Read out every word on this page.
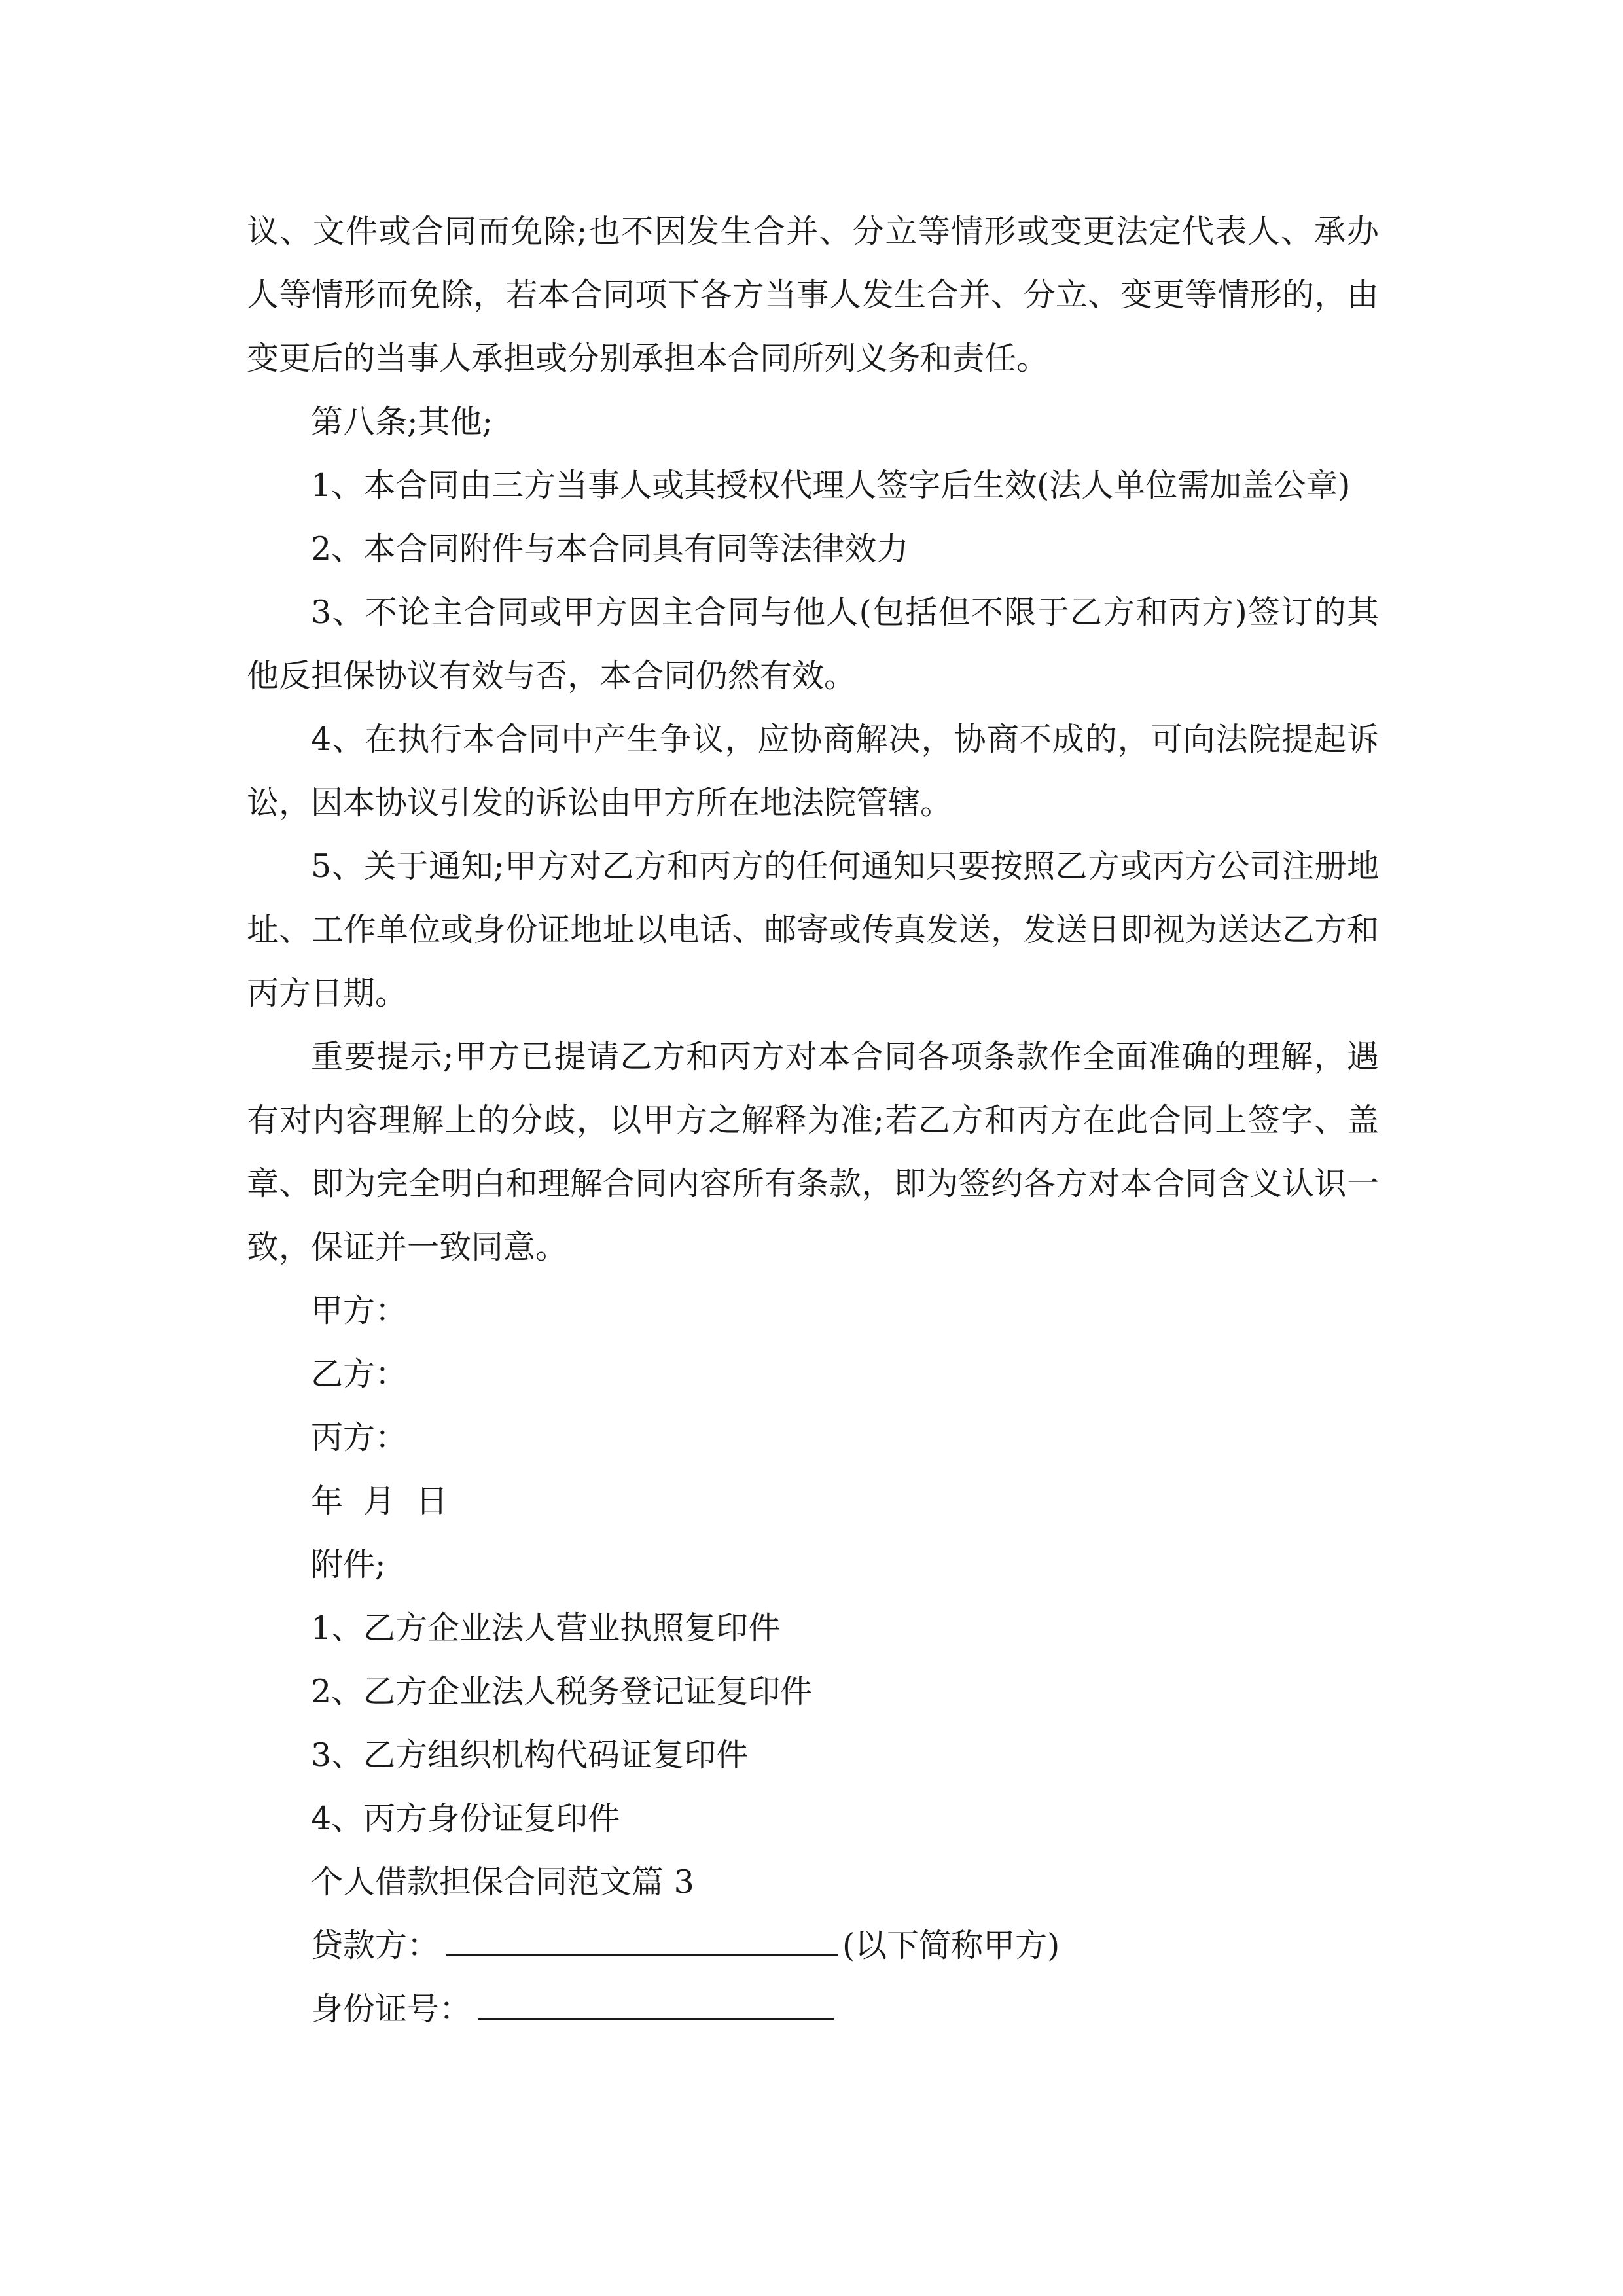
议、文件或合同而免除;也不因发生合并、分立等情形或变更法定代表人、承办人等情形而免除，若本合同项下各方当事人发生合并、分立、变更等情形的，由变更后的当事人承担或分别承担本合同所列义务和责任。

第八条;其他;

1、本合同由三方当事人或其授权代理人签字后生效(法人单位需加盖公章)

2、本合同附件与本合同具有同等法律效力

3、不论主合同或甲方因主合同与他人(包括但不限于乙方和丙方)签订的其他反担保协议有效与否，本合同仍然有效。

4、在执行本合同中产生争议，应协商解决，协商不成的，可向法院提起诉讼，因本协议引发的诉讼由甲方所在地法院管辖。

5、关于通知;甲方对乙方和丙方的任何通知只要按照乙方或丙方公司注册地址、工作单位或身份证地址以电话、邮寄或传真发送，发送日即视为送达乙方和丙方日期。

重要提示;甲方已提请乙方和丙方对本合同各项条款作全面准确的理解，遇有对内容理解上的分歧，以甲方之解释为准;若乙方和丙方在此合同上签字、盖章、即为完全明白和理解合同内容所有条款，即为签约各方对本合同含义认识一致，保证并一致同意。

甲方：

乙方：

丙方：

年  月  日

附件;

1、乙方企业法人营业执照复印件

2、乙方企业法人税务登记证复印件

3、乙方组织机构代码证复印件

4、丙方身份证复印件

个人借款担保合同范文篇 3

贷款方：	(以下简称甲方)

身份证号：
